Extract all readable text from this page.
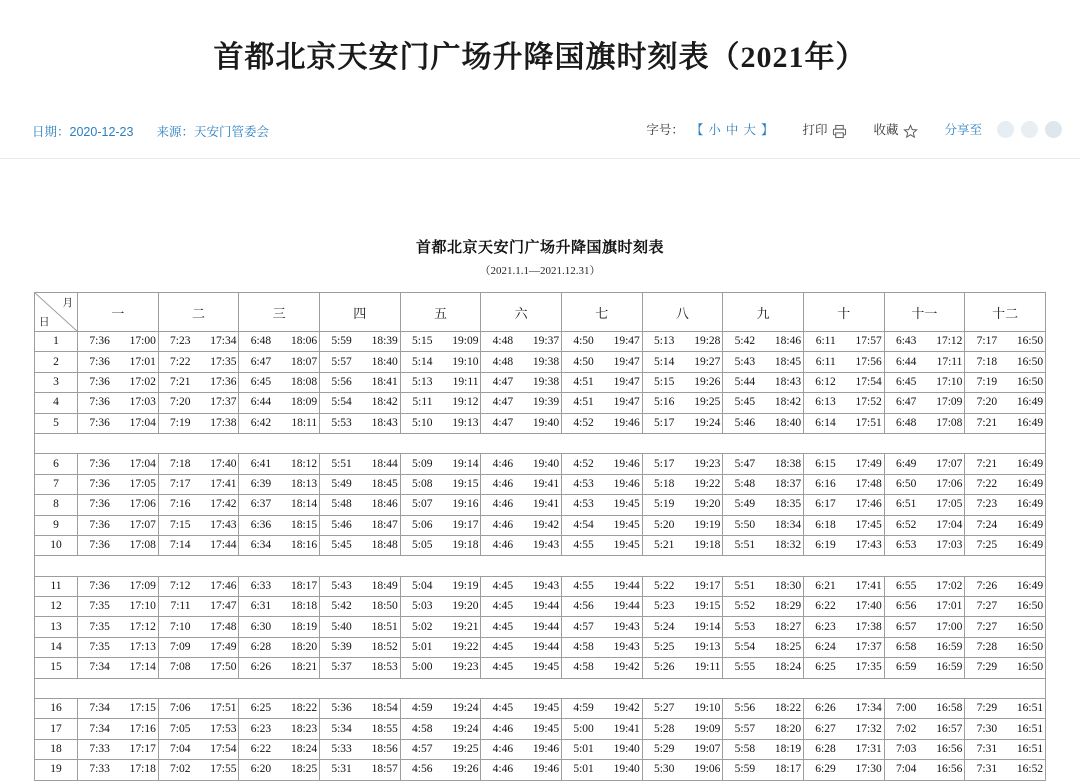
首都北京天安门广场升降国旗时刻表（2021年）
日期：2020-12-23 来源：天安门管委会	字号： 【 小 中 大 】 打印	收藏	分享至
首都北京天安门广场升降国旗时刻表
（2021.1.1—2021.12.31）
月
日	一	二	三	四	五	六	七	八	九	十	十一	十二
1	7:36 17:00	7:23 17:34	6:48 18:06	5:59 18:39	5:15 19:09	4:48 19:37	4:50 19:47	5:13 19:28	5:42 18:46	6:11 17:57	6:43 17:12	7:17 16:50

2	7:36 17:01	7:22 17:35	6:47 18:07	5:57 18:40	5:14 19:10	4:48 19:38	4:50 19:47	5:14 19:27	5:43 18:45	6:11 17:56	6:44 17:11	7:18 16:50

3	7:36 17:02	7:21 17:36	6:45 18:08	5:56 18:41	5:13 19:11	4:47 19:38	4:51 19:47	5:15 19:26	5:44 18:43	6:12 17:54	6:45 17:10	7:19 16:50

4	7:36 17:03	7:20 17:37	6:44 18:09	5:54 18:42	5:11 19:12	4:47 19:39	4:51 19:47	5:16 19:25	5:45 18:42	6:13 17:52	6:47 17:09	7:20 16:49

5	7:36 17:04	7:19 17:38	6:42 18:11	5:53 18:43	5:10 19:13	4:47 19:40	4:52 19:46	5:17 19:24	5:46 18:40	6:14 17:51	6:48 17:08	7:21 16:49

6	7:36 17:04	7:18 17:40	6:41 18:12	5:51 18:44	5:09 19:14	4:46 19:40	4:52 19:46	5:17 19:23	5:47 18:38	6:15 17:49	6:49 17:07	7:21 16:49

7	7:36 17:05	7:17 17:41	6:39 18:13	5:49 18:45	5:08 19:15	4:46 19:41	4:53 19:46	5:18 19:22	5:48 18:37	6:16 17:48	6:50 17:06	7:22 16:49

8	7:36 17:06	7:16 17:42	6:37 18:14	5:48 18:46	5:07 19:16	4:46 19:41	4:53 19:45	5:19 19:20	5:49 18:35	6:17 17:46	6:51 17:05	7:23 16:49

9	7:36 17:07	7:15 17:43	6:36 18:15	5:46 18:47	5:06 19:17	4:46 19:42	4:54 19:45	5:20 19:19	5:50 18:34	6:18 17:45	6:52 17:04	7:24 16:49

10	7:36 17:08	7:14 17:44	6:34 18:16	5:45 18:48	5:05 19:18	4:46 19:43	4:55 19:45	5:21 19:18	5:51 18:32	6:19 17:43	6:53 17:03	7:25 16:49

11	7:36 17:09	7:12 17:46	6:33 18:17	5:43 18:49	5:04 19:19	4:45 19:43	4:55 19:44	5:22 19:17	5:51 18:30	6:21 17:41	6:55 17:02	7:26 16:49

12	7:35 17:10	7:11 17:47	6:31 18:18	5:42 18:50	5:03 19:20	4:45 19:44	4:56 19:44	5:23 19:15	5:52 18:29	6:22 17:40	6:56 17:01	7:27 16:50

13	7:35 17:12	7:10 17:48	6:30 18:19	5:40 18:51	5:02 19:21	4:45 19:44	4:57 19:43	5:24 19:14	5:53 18:27	6:23 17:38	6:57 17:00	7:27 16:50

14	7:35 17:13	7:09 17:49	6:28 18:20	5:39 18:52	5:01 19:22	4:45 19:44	4:58 19:43	5:25 19:13	5:54 18:25	6:24 17:37	6:58 16:59	7:28 16:50

15	7:34 17:14	7:08 17:50	6:26 18:21	5:37 18:53	5:00 19:23	4:45 19:45	4:58 19:42	5:26 19:11	5:55 18:24	6:25 17:35	6:59 16:59	7:29 16:50

16	7:34 17:15	7:06 17:51	6:25 18:22	5:36 18:54	4:59 19:24	4:45 19:45	4:59 19:42	5:27 19:10	5:56 18:22	6:26 17:34	7:00 16:58	7:29 16:51

17	7:34 17:16	7:05 17:53	6:23 18:23	5:34 18:55	4:58 19:24	4:46 19:45	5:00 19:41	5:28 19:09	5:57 18:20	6:27 17:32	7:02 16:57	7:30 16:51

18	7:33 17:17	7:04 17:54	6:22 18:24	5:33 18:56	4:57 19:25	4:46 19:46	5:01 19:40	5:29 19:07	5:58 18:19	6:28 17:31	7:03 16:56	7:31 16:51

19	7:33 17:18	7:02 17:55	6:20 18:25	5:31 18:57	4:56 19:26	4:46 19:46	5:01 19:40	5:30 19:06	5:59 18:17	6:29 17:30	7:04 16:56	7:31 16:52
